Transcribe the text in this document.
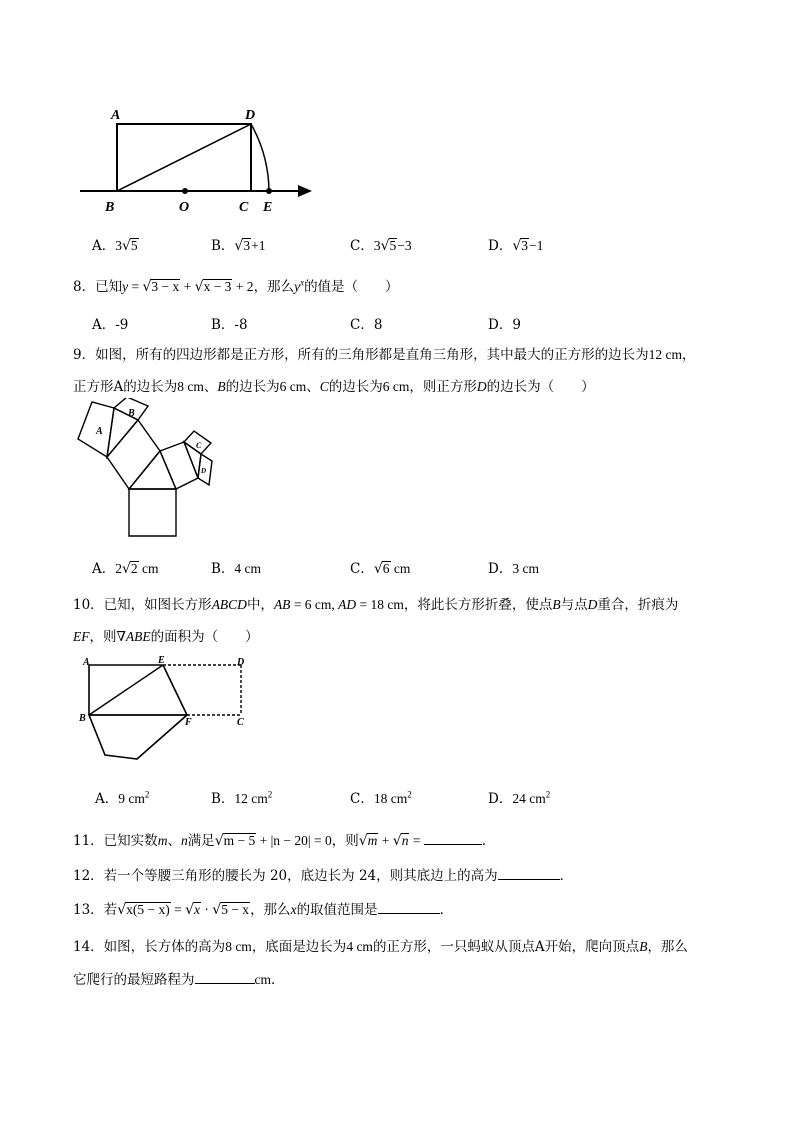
A	D
B	O	C E
A．3√5	B．√3+1	C．3√5−3	D．√3−1
8．已知y = √3 − x + √x − 3 + 2，那么$y^x$的值是（　　）
A．-9	B．-8	C．8	D．9
9．如图，所有的四边形都是正方形，所有的三角形都是直角三角形，其中最大的正方形的边长为12 cm，
正方形A的边长为8 cm、B的边长为6 cm、C的边长为6 cm，则正方形D的边长为（　　）
A
B
C
D
A．2√2 cm	B．4 cm	C．√6 cm	D．3 cm
10．已知，如图长方形ABCD中，AB = 6 cm, AD = 18 cm，将此长方形折叠，使点B与点D重合，折痕为
EF，则∇ABE的面积为（　　）
A	E	D
B	F	C
A．9 $cm^2$	B．12 $cm^2$	C．18 $cm^2$	D．24 $cm^2$
11．已知实数m、n满足√m − 5 + |n − 20| = 0，则√m + √n =	．
12．若一个等腰三角形的腰长为 20，底边长为 24，则其底边上的高为	．
13．若√x(5 − x) = √x · √5 − x，那么x的取值范围是	．
14．如图，长方体的高为8 cm，底面是边长为4 cm的正方形，一只蚂蚁从顶点A开始，爬向顶点B，那么
它爬行的最短路程为	cm．
